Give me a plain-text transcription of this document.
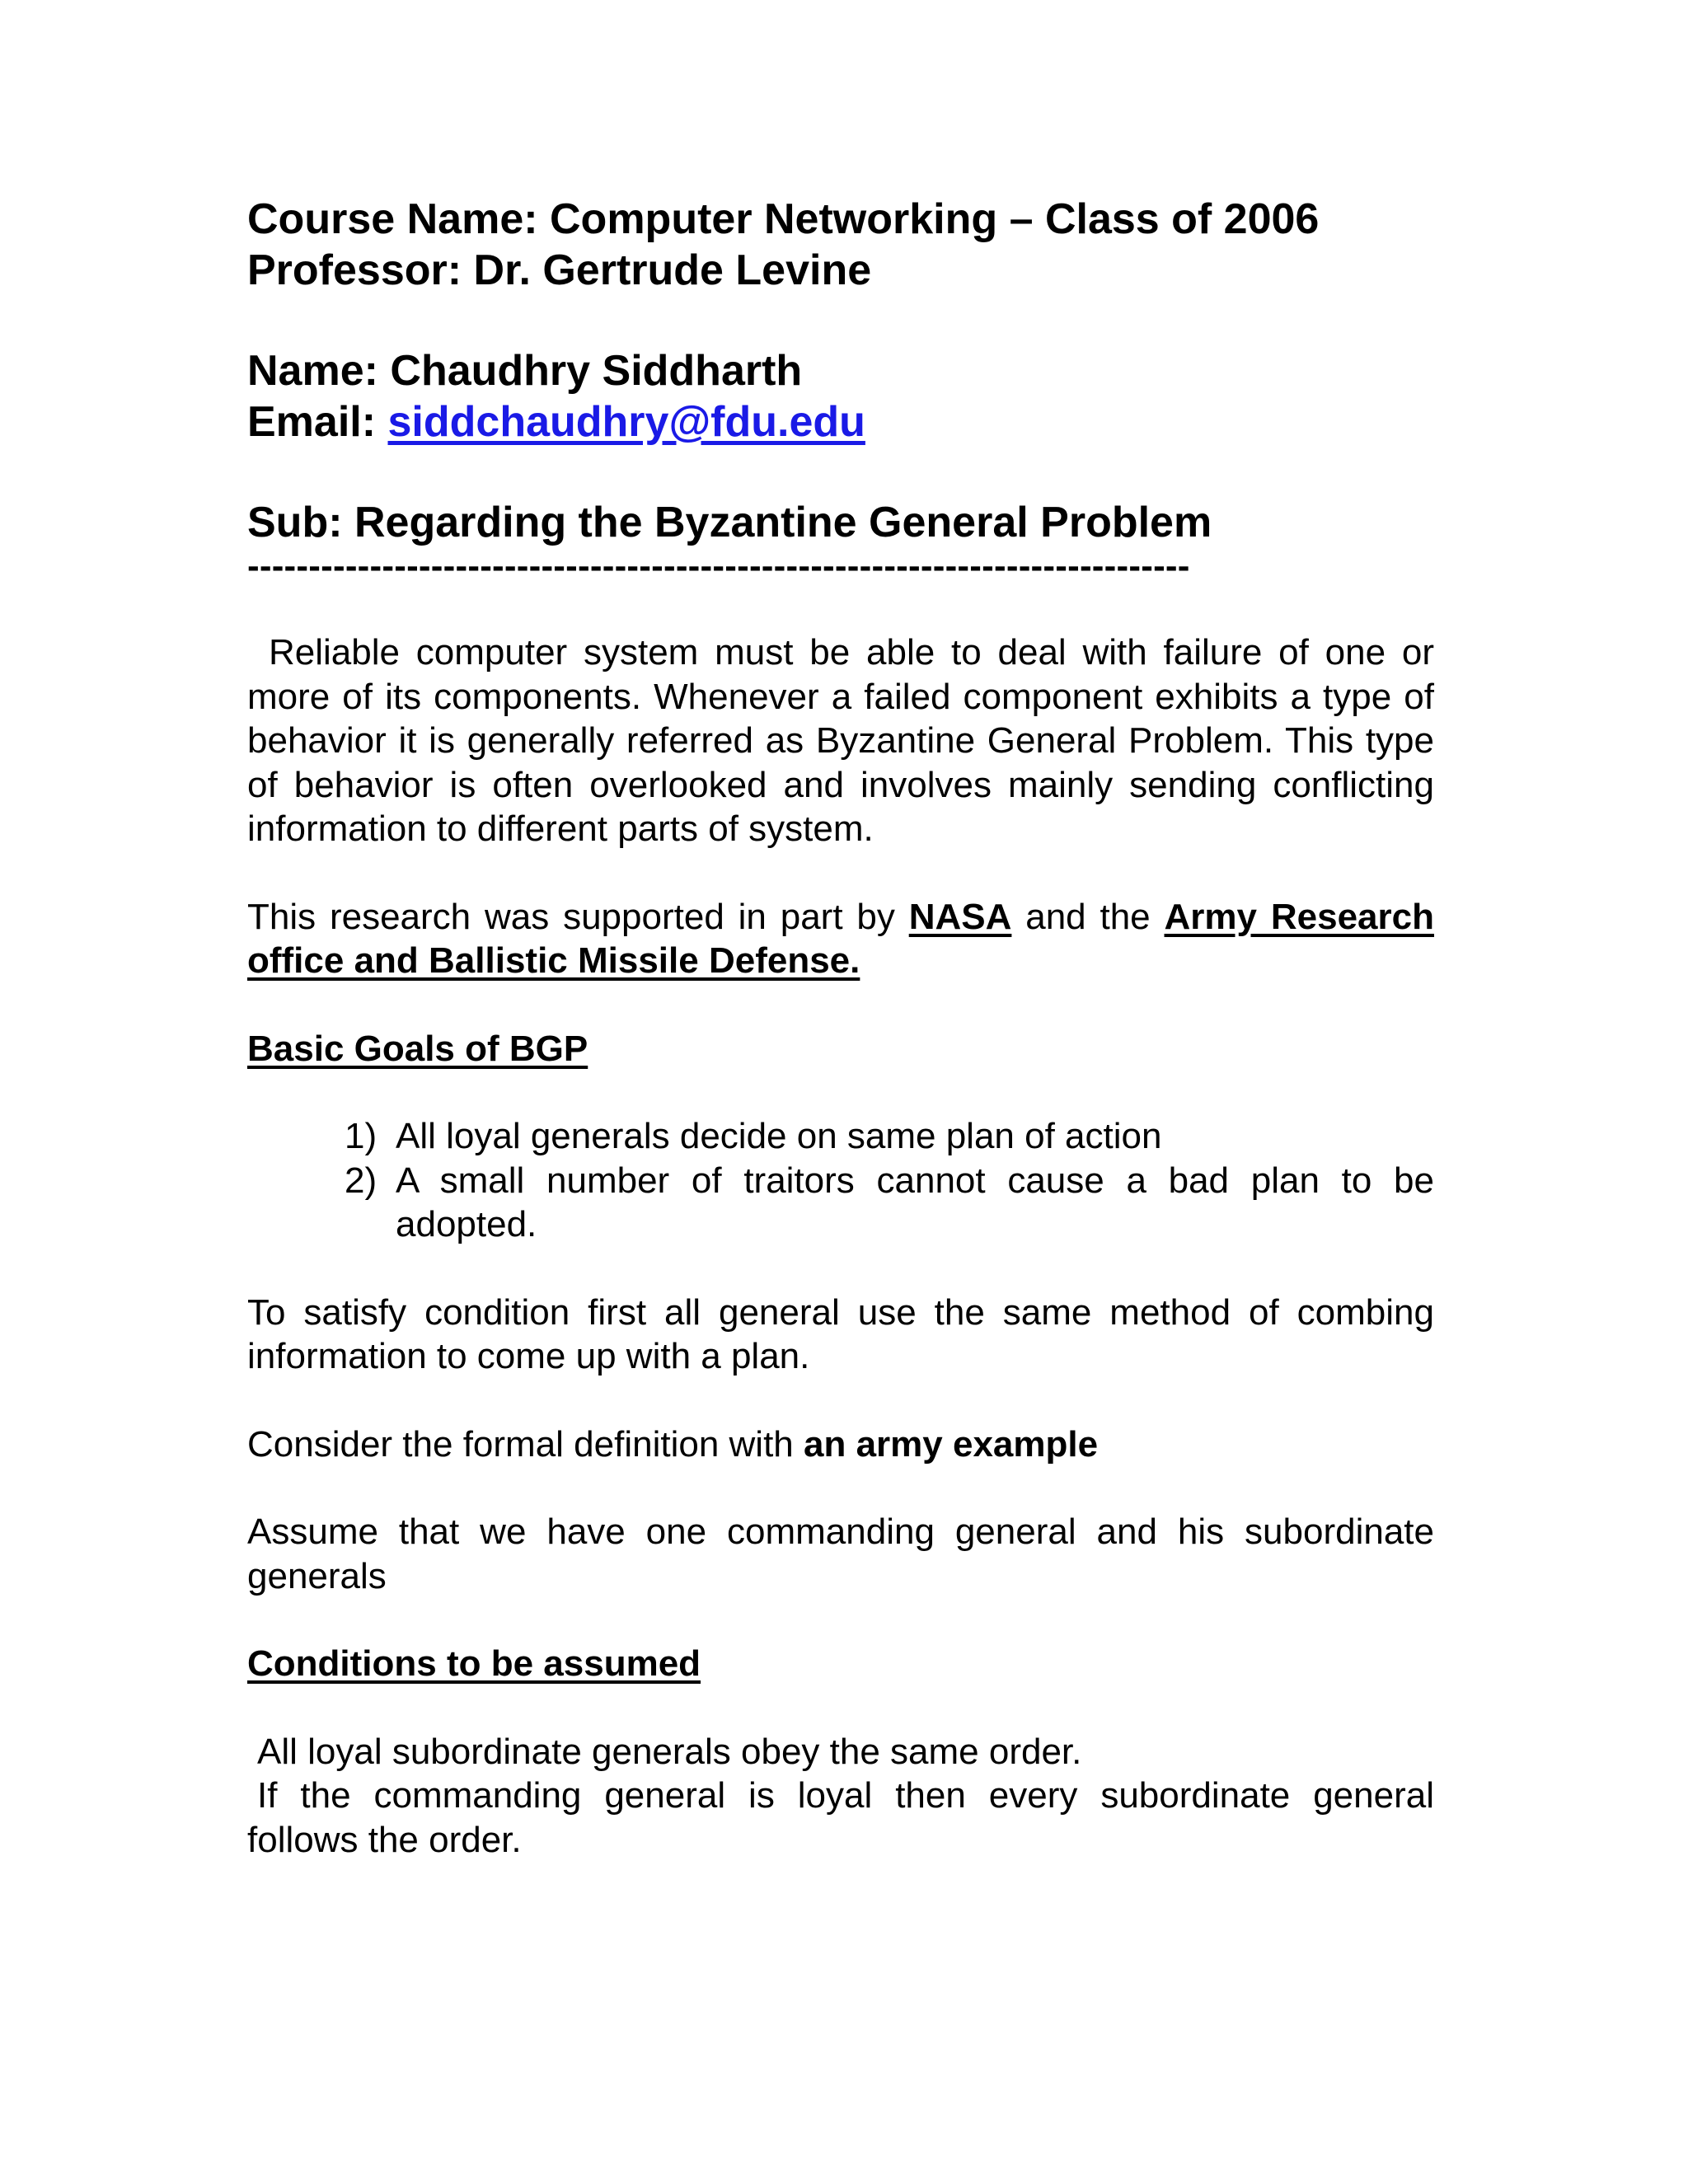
Course Name: Computer Networking – Class of 2006
Professor: Dr. Gertrude Levine
Name: Chaudhry Siddharth
Email: siddchaudhry@fdu.edu
Sub: Regarding the Byzantine General Problem
-----------------------------------------------------------------------------

Reliable computer system must be able to deal with failure of one or more of its components. Whenever a failed component exhibits a type of behavior it is generally referred as Byzantine General Problem. This type of behavior is often overlooked and involves mainly sending conflicting information to different parts of system.

This research was supported in part by NASA and the Army Research office and Ballistic Missile Defense.

Basic Goals of BGP
1) All loyal generals decide on same plan of action
2) A small number of traitors cannot cause a bad plan to be adopted.

To satisfy condition first all general use the same method of combing information to come up with a plan.

Consider the formal definition with an army example

Assume that we have one commanding general and his subordinate generals

Conditions to be assumed
All loyal subordinate generals obey the same order.
If the commanding general is loyal then every subordinate general follows the order.
